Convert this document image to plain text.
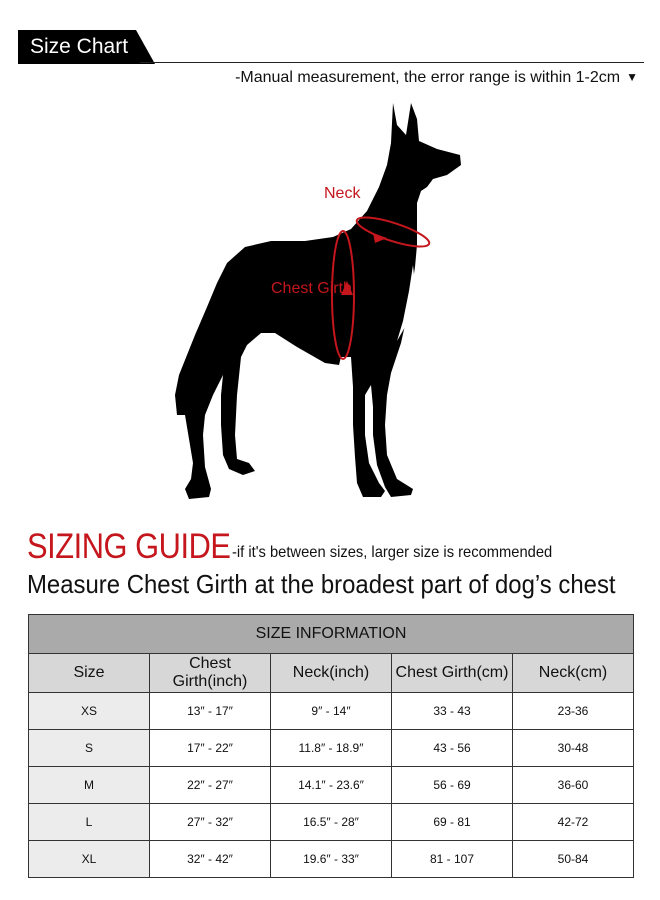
Size Chart
-Manual measurement, the error range is within 1-2cm ▼
Neck
Chest Girth
SIZING GUIDE -if it's between sizes, larger size is recommended
Measure Chest Girth at the broadest part of dog’s chest
SIZE INFORMATION				
Size	Chest Girth(inch)	Neck(inch)	Chest Girth(cm)	Neck(cm)
XS	13″ - 17″	9″ - 14″	33 - 43	23-36
S	17″ - 22″	11.8″ - 18.9″	43 - 56	30-48
M	22″ - 27″	14.1″ - 23.6″	56 - 69	36-60
L	27″ - 32″	16.5″ - 28″	69 - 81	42-72
XL	32″ - 42″	19.6″ - 33″	81 - 107	50-84
